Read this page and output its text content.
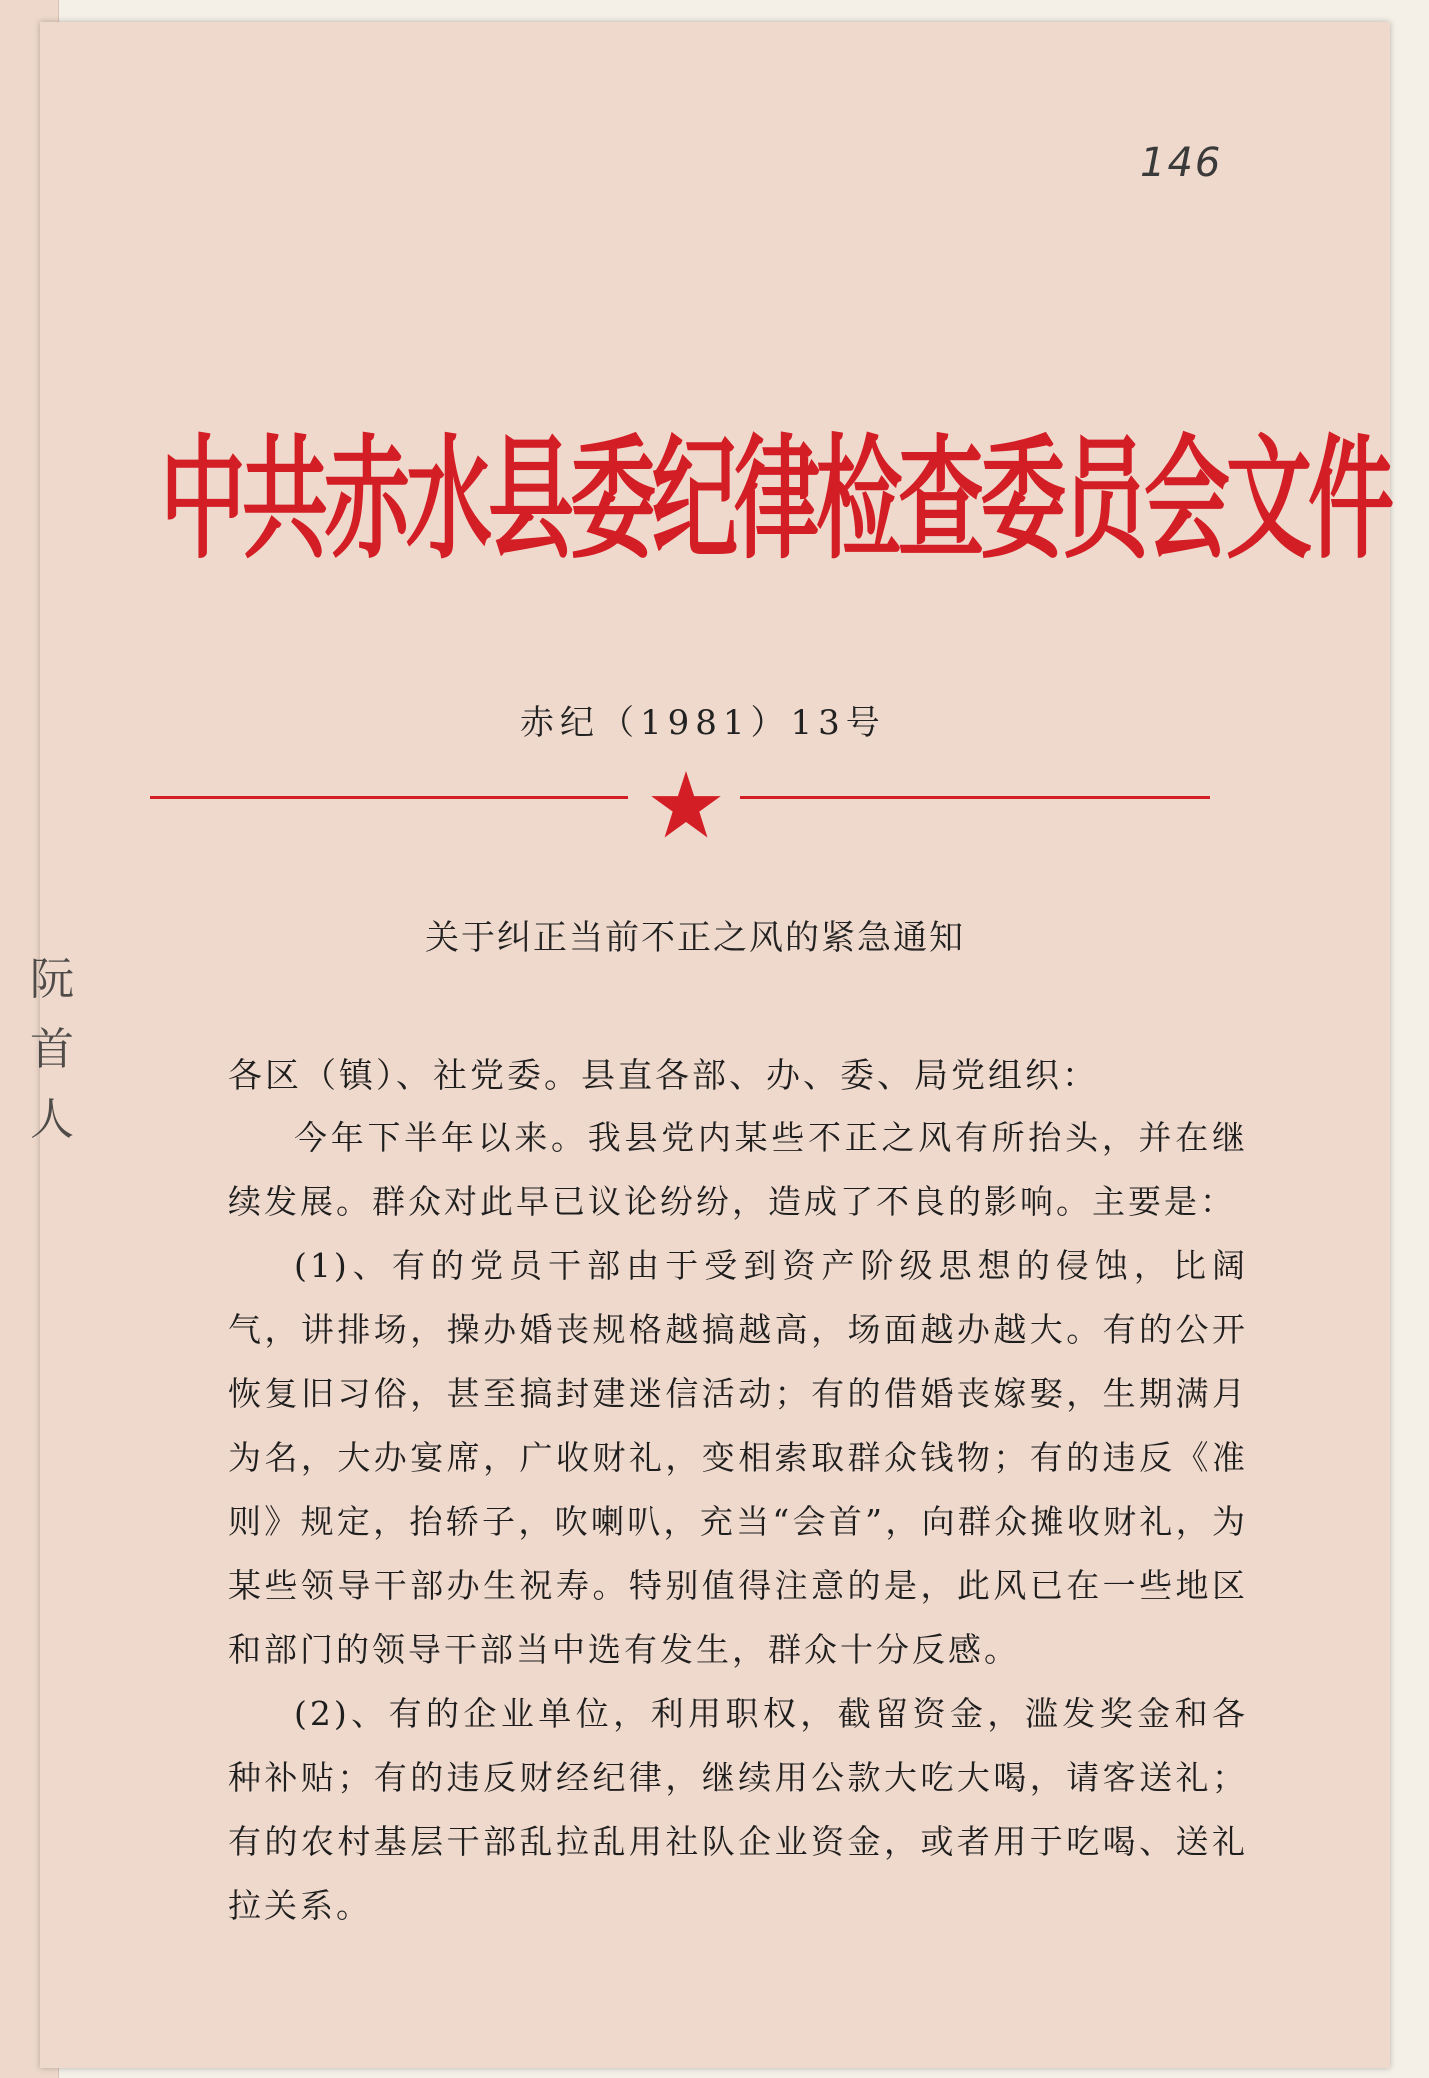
146
中共赤水县委纪律检查委员会文件
赤纪（1981）13号
关于纠正当前不正之风的紧急通知
各区（镇）、社党委。县直各部、办、委、局党组织：

今年下半年以来。我县党内某些不正之风有所抬头，并在继续发展。群众对此早已议论纷纷，造成了不良的影响。主要是：

(1)、有的党员干部由于受到资产阶级思想的侵蚀，比阔气，讲排场，操办婚丧规格越搞越高，场面越办越大。有的公开恢复旧习俗，甚至搞封建迷信活动；有的借婚丧嫁娶，生期满月为名，大办宴席，广收财礼，变相索取群众钱物；有的违反《准则》规定，抬轿子，吹喇叭，充当“会首”，向群众摊收财礼，为某些领导干部办生祝寿。特别值得注意的是，此风已在一些地区和部门的领导干部当中选有发生，群众十分反感。

(2)、有的企业单位，利用职权，截留资金，滥发奖金和各种补贴；有的违反财经纪律，继续用公款大吃大喝，请客送礼；有的农村基层干部乱拉乱用社队企业资金，或者用于吃喝、送礼拉关系。

阮首人
